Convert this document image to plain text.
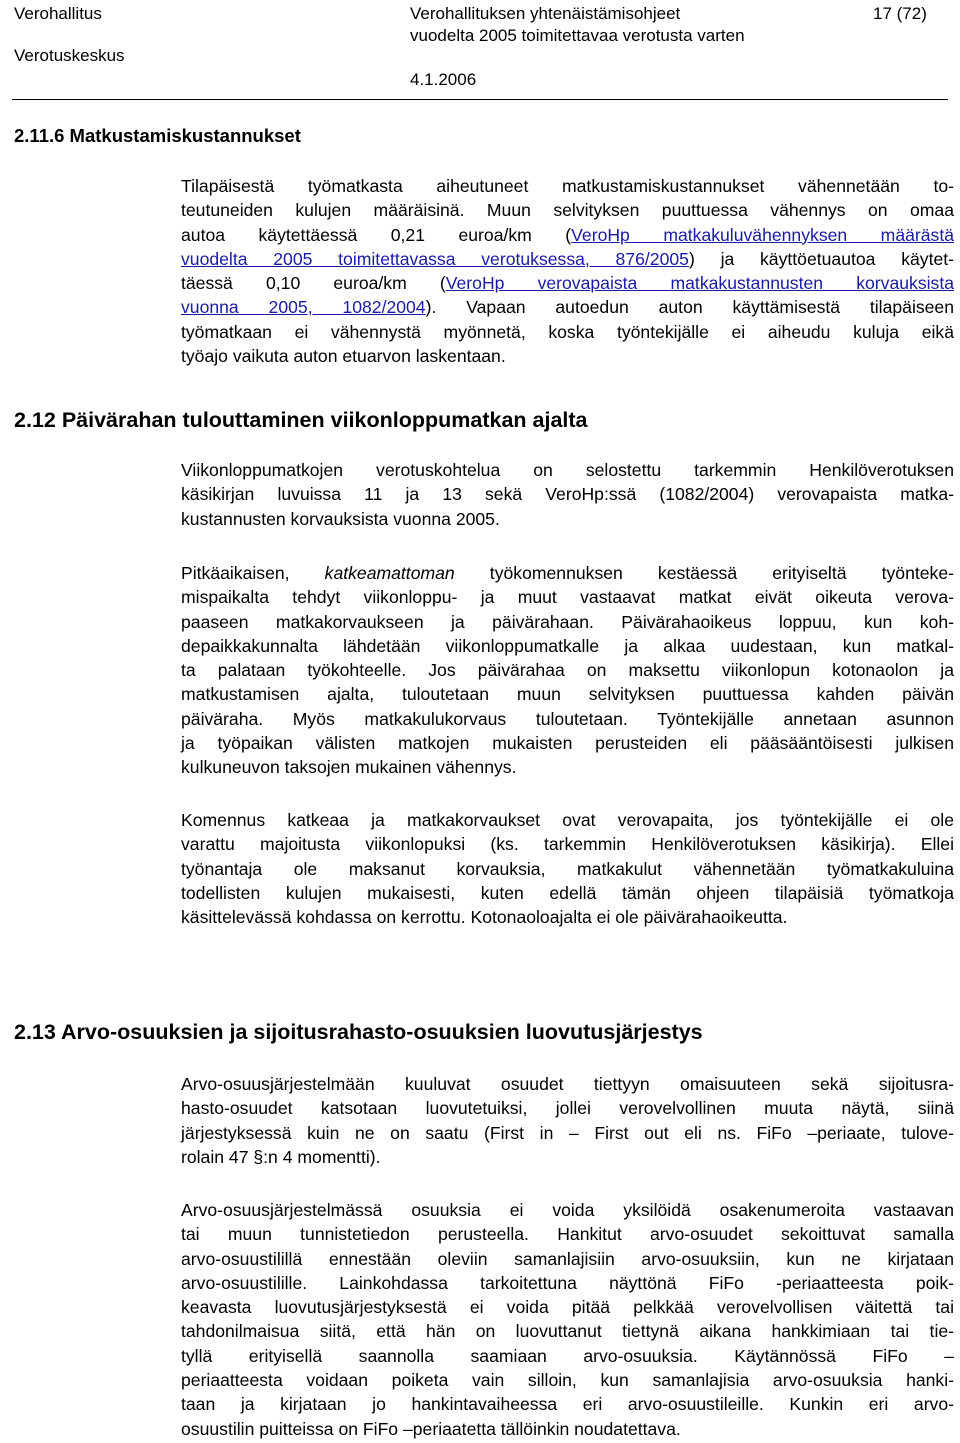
Verohallitus
Verotuskeskus
Verohallituksen yhtenäistämisohjeet
vuodelta 2005 toimitettavaa verotusta varten
4.1.2006
17 (72)
2.11.6 Matkustamiskustannukset
Tilapäisestä työmatkasta aiheutuneet matkustamiskustannukset vähennetään to-
teutuneiden kulujen määräisinä. Muun selvityksen puuttuessa vähennys on omaa
autoa käytettäessä 0,21 euroa/km (VeroHp matkakuluvähennyksen määrästä
vuodelta 2005 toimitettavassa verotuksessa, 876/2005) ja käyttöetuautoa käytet-
täessä 0,10 euroa/km (VeroHp verovapaista matkakustannusten korvauksista
vuonna 2005, 1082/2004). Vapaan autoedun auton käyttämisestä tilapäiseen
työmatkaan ei vähennystä myönnetä, koska työntekijälle ei aiheudu kuluja eikä
työajo vaikuta auton etuarvon laskentaan.
2.12 Päivärahan tulouttaminen viikonloppumatkan ajalta
Viikonloppumatkojen verotuskohtelua on selostettu tarkemmin Henkilöverotuksen
käsikirjan luvuissa 11 ja 13 sekä VeroHp:ssä (1082/2004) verovapaista matka-
kustannusten korvauksista vuonna 2005.
Pitkäaikaisen, katkeamattoman työkomennuksen kestäessä erityiseltä työnteke-
mispaikalta tehdyt viikonloppu- ja muut vastaavat matkat eivät oikeuta verova-
paaseen matkakorvaukseen ja päivärahaan. Päivärahaoikeus loppuu, kun koh-
depaikkakunnalta lähdetään viikonloppumatkalle ja alkaa uudestaan, kun matkal-
ta palataan työkohteelle. Jos päivärahaa on maksettu viikonlopun kotonaolon ja
matkustamisen ajalta, tuloutetaan muun selvityksen puuttuessa kahden päivän
päiväraha. Myös matkakulukorvaus tuloutetaan. Työntekijälle annetaan asunnon
ja työpaikan välisten matkojen mukaisten perusteiden eli pääsääntöisesti julkisen
kulkuneuvon taksojen mukainen vähennys.
Komennus katkeaa ja matkakorvaukset ovat verovapaita, jos työntekijälle ei ole
varattu majoitusta viikonlopuksi (ks. tarkemmin Henkilöverotuksen käsikirja). Ellei
työnantaja ole maksanut korvauksia, matkakulut vähennetään työmatkakuluina
todellisten kulujen mukaisesti, kuten edellä tämän ohjeen tilapäisiä työmatkoja
käsittelevässä kohdassa on kerrottu. Kotonaoloajalta ei ole päivärahaoikeutta.
2.13 Arvo-osuuksien ja sijoitusrahasto-osuuksien luovutusjärjestys
Arvo-osuusjärjestelmään kuuluvat osuudet tiettyyn omaisuuteen sekä sijoitusra-
hasto-osuudet katsotaan luovutetuiksi, jollei verovelvollinen muuta näytä, siinä
järjestyksessä kuin ne on saatu (First in – First out eli ns. FiFo –periaate, tulove-
rolain 47 §:n 4 momentti).
Arvo-osuusjärjestelmässä osuuksia ei voida yksilöidä osakenumeroita vastaavan
tai muun tunnistetiedon perusteella. Hankitut arvo-osuudet sekoittuvat samalla
arvo-osuustilillä ennestään oleviin samanlajisiin arvo-osuuksiin, kun ne kirjataan
arvo-osuustilille. Lainkohdassa tarkoitettuna näyttönä FiFo -periaatteesta poik-
keavasta luovutusjärjestyksestä ei voida pitää pelkkää verovelvollisen väitettä tai
tahdonilmaisua siitä, että hän on luovuttanut tiettynä aikana hankkimiaan tai tie-
tyllä erityisellä saannolla saamiaan arvo-osuuksia. Käytännössä FiFo –
periaatteesta voidaan poiketa vain silloin, kun samanlajisia arvo-osuuksia hanki-
taan ja kirjataan jo hankintavaiheessa eri arvo-osuustileille. Kunkin eri arvo-
osuustilin puitteissa on FiFo –periaatetta tällöinkin noudatettava.
